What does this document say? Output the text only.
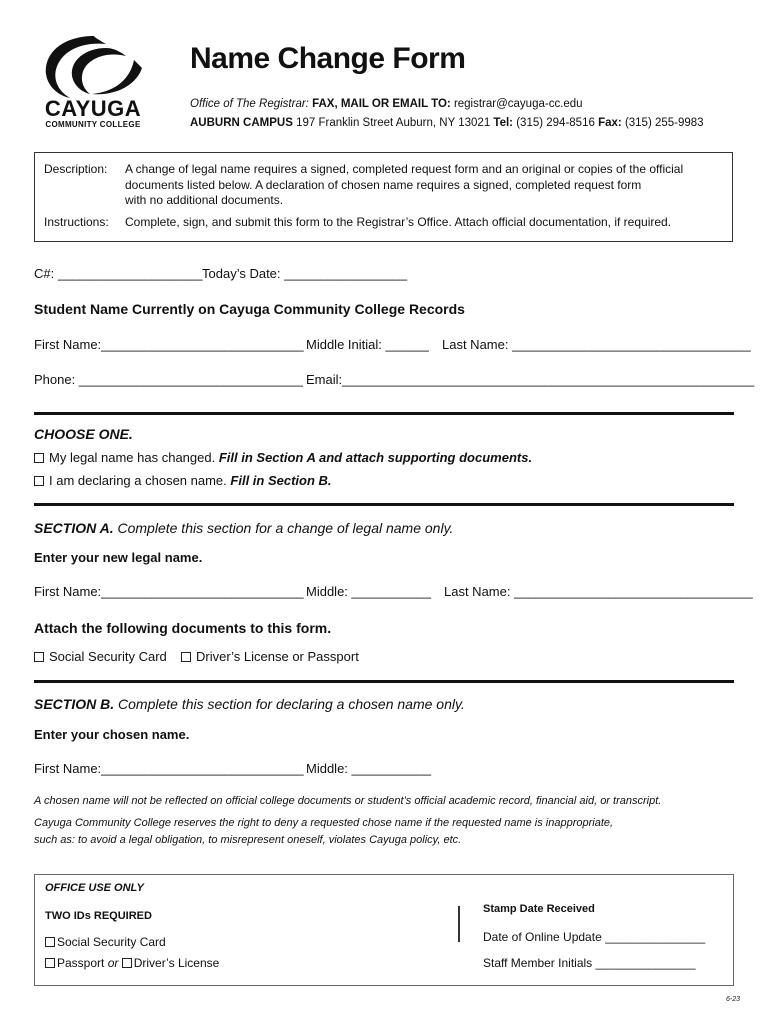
CAYUGA
COMMUNITY COLLEGE
Name Change Form
Office of The Registrar: FAX, MAIL OR EMAIL TO: registrar@cayuga-cc.edu
AUBURN CAMPUS 197 Franklin Street Auburn, NY 13021 Tel: (315) 294-8516 Fax: (315) 255-9983
Description: A change of legal name requires a signed, completed request form and an original or copies of the official
documents listed below. A declaration of chosen name requires a signed, completed request form
with no additional documents.
Instructions: Complete, sign, and submit this form to the Registrar’s Office. Attach official documentation, if required.
C#: ____________________ Today’s Date: _________________
Student Name Currently on Cayuga Community College Records
First Name:____________________________ Middle Initial: ______ Last Name: _________________________________
Phone: _______________________________ Email:_________________________________________________________
CHOOSE ONE.
My legal name has changed. Fill in Section A and attach supporting documents.
I am declaring a chosen name. Fill in Section B.
SECTION A. Complete this section for a change of legal name only.
Enter your new legal name.
First Name:____________________________ Middle: ___________ Last Name: _________________________________
Attach the following documents to this form.
Social Security Card	Driver’s License or Passport
SECTION B. Complete this section for declaring a chosen name only.
Enter your chosen name.
First Name:____________________________ Middle: ___________
A chosen name will not be reflected on official college documents or student’s official academic record, financial aid, or transcript.
Cayuga Community College reserves the right to deny a requested chose name if the requested name is inappropriate,
such as: to avoid a legal obligation, to misrepresent oneself, violates Cayuga policy, etc.
OFFICE USE ONLY
TWO IDs REQUIRED
Social Security Card
Passport or Driver’s License
Stamp Date Received
Date of Online Update _______________
Staff Member Initials _______________
6-23
